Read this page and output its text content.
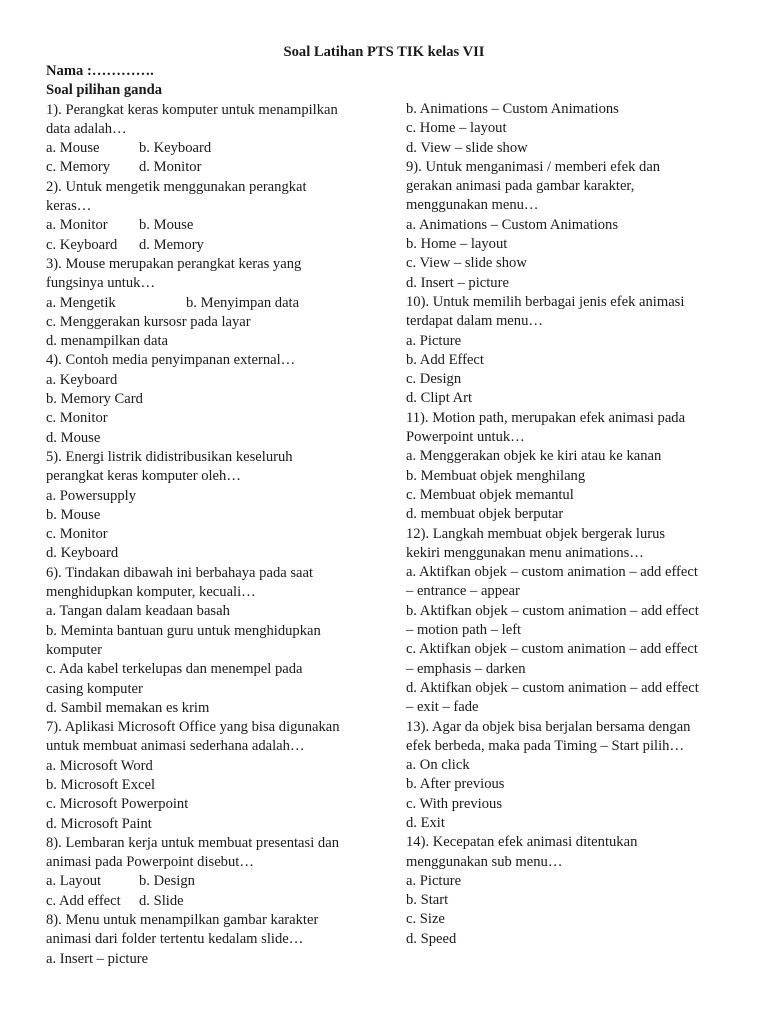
Soal Latihan PTS TIK kelas VII
Nama :………….
Soal pilihan ganda
1). Perangkat keras komputer untuk menampilkan
data adalah…
a. Mouse	b. Keyboard
c. Memory d. Monitor
2). Untuk mengetik menggunakan perangkat
keras…
a. Monitor b. Mouse
c. Keyboard d. Memory
3). Mouse merupakan perangkat keras yang
fungsinya untuk…
a. Mengetik	b. Menyimpan data
c. Menggerakan kursosr pada layar
d. menampilkan data
4). Contoh media penyimpanan external…
a. Keyboard
b. Memory Card
c. Monitor
d. Mouse
5). Energi listrik didistribusikan keseluruh
perangkat keras komputer oleh…
a. Powersupply
b. Mouse
c. Monitor
d. Keyboard
6). Tindakan dibawah ini berbahaya pada saat
menghidupkan komputer, kecuali…
a. Tangan dalam keadaan basah
b. Meminta bantuan guru untuk menghidupkan
komputer
c. Ada kabel terkelupas dan menempel pada
casing komputer
d. Sambil memakan es krim
7). Aplikasi Microsoft Office yang bisa digunakan
untuk membuat animasi sederhana adalah…
a. Microsoft Word
b. Microsoft Excel
c. Microsoft Powerpoint
d. Microsoft Paint
8). Lembaran kerja untuk membuat presentasi dan
animasi pada Powerpoint disebut…
a. Layout	b. Design
c. Add effect d. Slide
8). Menu untuk menampilkan gambar karakter
animasi dari folder tertentu kedalam slide…
a. Insert – picture
b. Animations – Custom Animations
c. Home – layout
d. View – slide show
9). Untuk menganimasi / memberi efek dan
gerakan animasi pada gambar karakter,
menggunakan menu…
a. Animations – Custom Animations
b. Home – layout
c. View – slide show
d. Insert – picture
10). Untuk memilih berbagai jenis efek animasi
terdapat dalam menu…
a. Picture
b. Add Effect
c. Design
d. Clipt Art
11). Motion path, merupakan efek animasi pada
Powerpoint untuk…
a. Menggerakan objek ke kiri atau ke kanan
b. Membuat objek menghilang
c. Membuat objek memantul
d. membuat objek berputar
12). Langkah membuat objek bergerak lurus
kekiri menggunakan menu animations…
a. Aktifkan objek – custom animation – add effect
– entrance – appear
b. Aktifkan objek – custom animation – add effect
– motion path – left
c. Aktifkan objek – custom animation – add effect
– emphasis – darken
d. Aktifkan objek – custom animation – add effect
– exit – fade
13). Agar da objek bisa berjalan bersama dengan
efek berbeda, maka pada Timing – Start pilih…
a. On click
b. After previous
c. With previous
d. Exit
14). Kecepatan efek animasi ditentukan
menggunakan sub menu…
a. Picture
b. Start
c. Size
d. Speed
